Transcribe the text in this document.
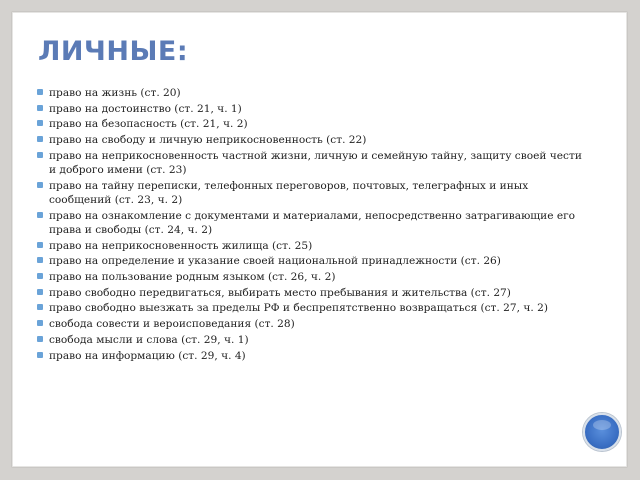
ЛИЧНЫЕ:
право на жизнь (ст. 20)
право на достоинство (ст. 21, ч. 1)
право на безопасность (ст. 21, ч. 2)
право на свободу и личную неприкосновенность (ст. 22)
право на неприкосновенность частной жизни, личную и семейную тайну, защиту своей чести и доброго имени (ст. 23)
право на тайну переписки, телефонных переговоров, почтовых, телеграфных и иных сообщений (ст. 23, ч. 2)
право на ознакомление с документами и материалами, непосредственно затрагивающие его права и свободы (ст. 24, ч. 2)
право на неприкосновенность жилища (ст. 25)
право на определение и указание своей национальной принадлежности (ст. 26)
право на пользование родным языком (ст. 26, ч. 2)
право свободно передвигаться, выбирать место пребывания и жительства (ст. 27)
право свободно выезжать за пределы РФ и беспрепятственно возвращаться (ст. 27, ч. 2)
свобода совести и вероисповедания (ст. 28)
свобода мысли и слова (ст. 29, ч. 1)
право на информацию (ст. 29, ч. 4)
